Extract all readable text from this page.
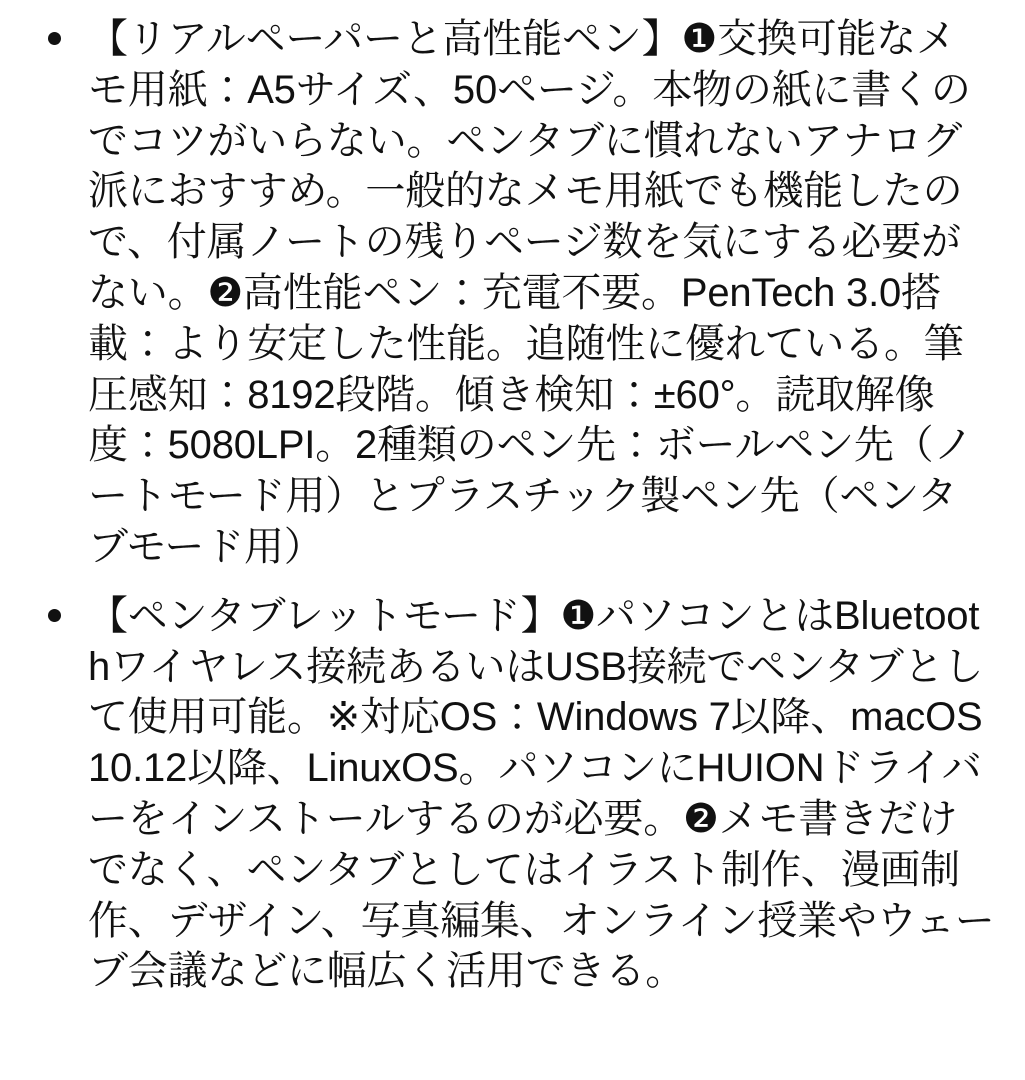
【リアルペーパーと高性能ペン】❶交換可能なメモ用紙：A5サイズ、50ページ。本物の紙に書くのでコツがいらない。ペンタブに慣れないアナログ派におすすめ。一般的なメモ用紙でも機能したので、付属ノートの残りページ数を気にする必要がない。❷高性能ペン：充電不要。PenTech 3.0搭載：より安定した性能。追随性に優れている。筆圧感知：8192段階。傾き検知：±60°。読取解像度：5080LPI。2種類のペン先：ボールペン先（ノートモード用）とプラスチック製ペン先（ペンタブモード用）
【ペンタブレットモード】❶パソコンとはBluetoothワイヤレス接続あるいはUSB接続でペンタブとして使用可能。※対応OS：Windows 7以降、macOS 10.12以降、LinuxOS。パソコンにHUIONドライバーをインストールするのが必要。❷メモ書きだけでなく、ペンタブとしてはイラスト制作、漫画制作、デザイン、写真編集、オンライン授業やウェーブ会議などに幅広く活用できる。
